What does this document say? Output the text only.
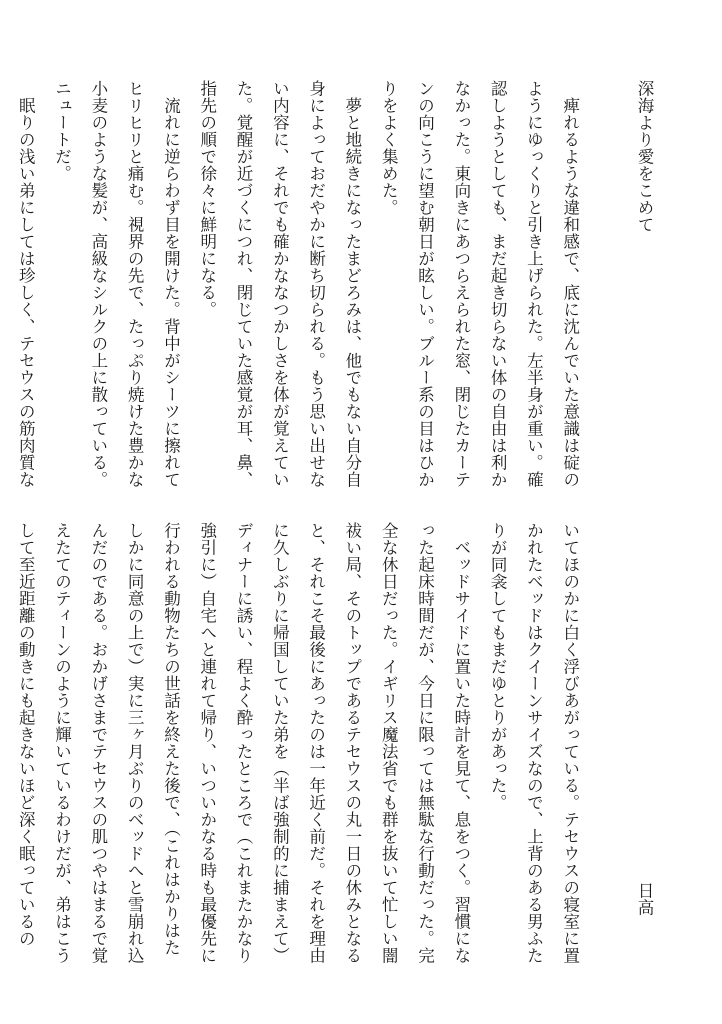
深海より愛をこめて
痺れるような違和感で、底に沈んでいた意識は碇のようにゆっくりと引き上げられた。左半身が重い。確認しようとしても、まだ起き切らない体の自由は利かなかった。東向きにあつらえられた窓、閉じたカーテンの向こうに望む朝日が眩しい。ブルー系の目はひかりをよく集めた。
夢と地続きになったまどろみは、他でもない自分自身によっておだやかに断ち切られる。もう思い出せない内容に、それでも確かななつかしさを体が覚えていた。覚醒が近づくにつれ、閉じていた感覚が耳、鼻、指先の順で徐々に鮮明になる。
流れに逆らわず目を開けた。背中がシーツに擦れてヒリヒリと痛む。視界の先で、たっぷり焼けた豊かな小麦のような髪が、高級なシルクの上に散っている。ニュートだ。
眠りの浅い弟にしては珍しく、テセウスの筋肉質な
日高
いてほのかに白く浮びあがっている。テセウスの寝室に置かれたベッドはクイーンサイズなので、上背のある男ふたりが同衾してもまだゆとりがあった。
ベッドサイドに置いた時計を見て、息をつく。習慣になった起床時間だが、今日に限っては無駄な行動だった。完全な休日だった。イギリス魔法省でも群を抜いて忙しい闇祓い局、そのトップであるテセウスの丸一日の休みとなると、それこそ最後にあったのは一年近く前だ。それを理由に久しぶりに帰国していた弟を（半ば強制的に捕まえて）ディナーに誘い、程よく酔ったところで（これまたかなり強引に）自宅へと連れて帰り、いついかなる時も最優先に行われる動物たちの世話を終えた後で、（これはかりはたしかに同意の上で）実に三ヶ月ぶりのベッドへと雪崩れ込んだのである。おかげさまでテセウスの肌つやはまるで覚えたてのティーンのように輝いているわけだが、弟はこうして至近距離の動きにも起きないほど深く眠っているの
